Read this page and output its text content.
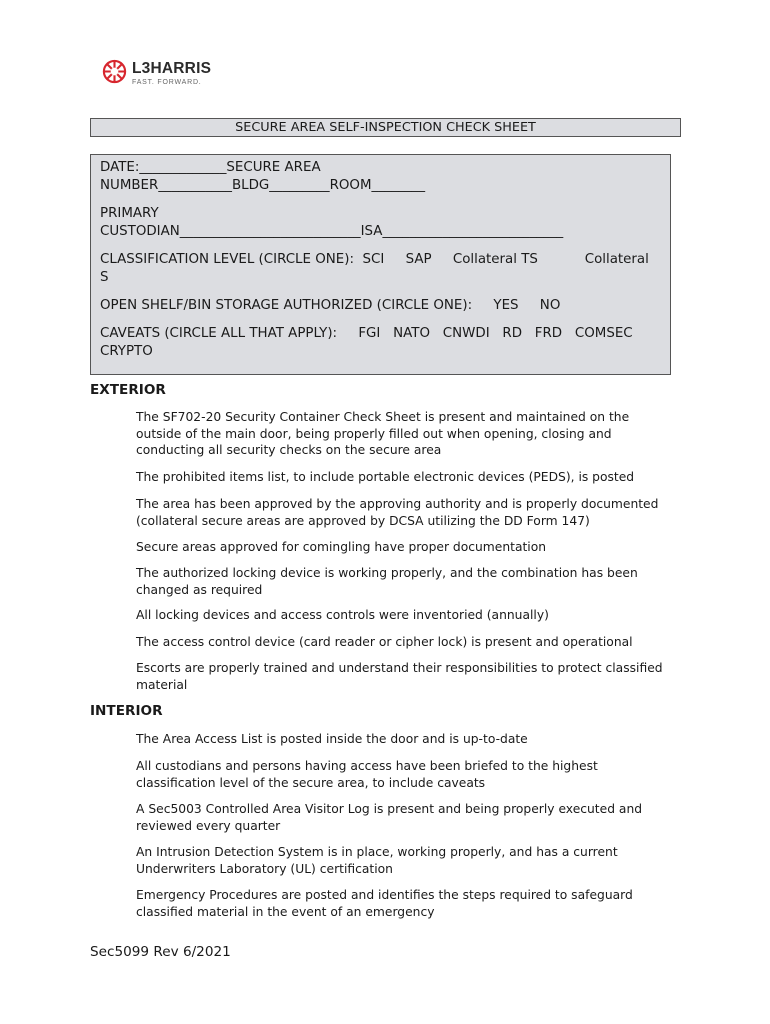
L3HARRIS
FAST. FORWARD.
SECURE AREA SELF-INSPECTION CHECK SHEET

DATE:_____________SECURE AREA

NUMBER___________BLDG_________ROOM________

PRIMARY

CUSTODIAN___________________________ISA___________________________

CLASSIFICATION LEVEL (CIRCLE ONE):  SCI     SAP     Collateral TS           Collateral

S

OPEN SHELF/BIN STORAGE AUTHORIZED (CIRCLE ONE):     YES     NO

CAVEATS (CIRCLE ALL THAT APPLY):     FGI   NATO   CNWDI   RD   FRD   COMSEC

CRYPTO

EXTERIOR
The SF702-20 Security Container Check Sheet is present and maintained on the outside of the main door, being properly filled out when opening, closing and conducting all security checks on the secure area
The prohibited items list, to include portable electronic devices (PEDS), is posted
The area has been approved by the approving authority and is properly documented (collateral secure areas are approved by DCSA utilizing the DD Form 147)
Secure areas approved for comingling have proper documentation
The authorized locking device is working properly, and the combination has been changed as required
All locking devices and access controls were inventoried (annually)
The access control device (card reader or cipher lock) is present and operational
Escorts are properly trained and understand their responsibilities to protect classified material
INTERIOR
The Area Access List is posted inside the door and is up-to-date
All custodians and persons having access have been briefed to the highest classification level of the secure area, to include caveats
A Sec5003 Controlled Area Visitor Log is present and being properly executed and reviewed every quarter
An Intrusion Detection System is in place, working properly, and has a current Underwriters Laboratory (UL) certification
Emergency Procedures are posted and identifies the steps required to safeguard classified material in the event of an emergency
Sec5099 Rev 6/2021
